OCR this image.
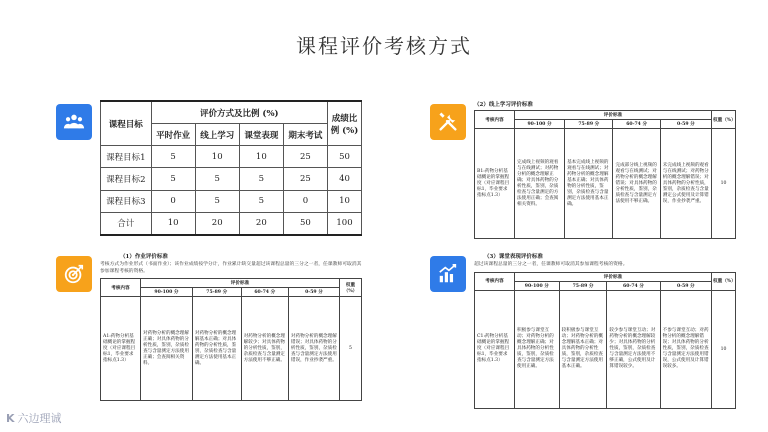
课程评价考核方式
课程目标	评价方式及比例 (%)				成绩比例 (%)
	平时作业	线上学习	课堂表现	期末考试	
课程目标1	5	10	10	25	50
课程目标2	5	5	5	25	40
课程目标3	0	5	5	0	10
合计	10	20	20	50	100
（2）线上学习评价标准
考核内容	评价标准				权重（%）
	90-100 分	75-89 分	60-74 分	0-59 分	
B1:药物分析基础概论的掌握程度（对应课程目标1，毕业要求指标点1.3）	完成线上视频的观看与在线测试；对药物分析的概念理解正确；对具体药物的分析性质，鉴别，杂质检查与含量测定的方法使用正确；会查阅相关资料。	基本完成线上视频的观看与在线测试；对药物分析的概念理解基本正确；对具体药物的分析性质，鉴别，杂质检查与含量测定方法使用基本正确。	完成部分线上视频的观看与在线测试；对药物分析的概念理解错误；对具体药物的分析性质，鉴别，杂质检查与含量测定方法使用不够正确。	未完成线上视频的观看与在线测试；对药物分析的概念理解错误；对具体药物的分析性质，鉴别，杂质检查与含量测定公式使用及计算错误，作业抄袭严重。	10
（1）作业评价标准
考核方式为作业形式（书面作业）；该作业成绩按学分计，作业累计缺交量超过该课程总量的三分之一者，任课教师可取消其参加课程考核的资格。
考核内容	评价标准				权重（%）
	90-100 分	75-89 分	60-74 分	0-59 分	
A1:药物分析基础概论的掌握程度（对应课程目标1，毕业要求指标点1.3）	对药物分析的概念理解正确；对具体药物的分析性质，鉴别，杂质检查与含量测定方法使用正确；会查阅相关资料。	对药物分析的概念理解基本正确；对具体药物的分析性质，鉴别，杂质检查与含量测定方法使用基本正确。	对药物分析的概念理解较少；对具体药物的分析性质，鉴别，杂质检查与含量测定方法使用不够正确。	对药物分析的概念理解错误；对具体药物的分析性质，鉴别，杂质检查与含量测定方法使用错误，作业抄袭严重。	5
（3）课堂表现评价标准
超过该课程总量的三分之一者，任课教师可取消其参加课程考核的资格。
考核内容	评价标准				权重（%）
	90-100 分	75-89 分	60-74 分	0-59 分	
C1:药物分析基础概论的掌握程度（对应课程目标1，毕业要求指标点1.3）	积极参与课堂互动；对药物分析的概念理解正确；对具体药物的分析性质，鉴别，杂质检查与含量测定方法使用正确。	较积极参与课堂互动；对药物分析的概念理解基本正确；对具体药物的分析性质，鉴别，杂质检查与含量测定方法使用基本正确。	较少参与课堂互动；对药物分析的概念理解较少；对具体药物的分析性质，鉴别，杂质检查与含量测定方法使用不够正确，公式使用及计算错误较少。	不参与课堂互动；对药物分析的概念理解错误；对具体药物的分析性质，鉴别，杂质检查与含量测定方法使用错误，公式使用及计算错误较多。	10
K 六边理诚
